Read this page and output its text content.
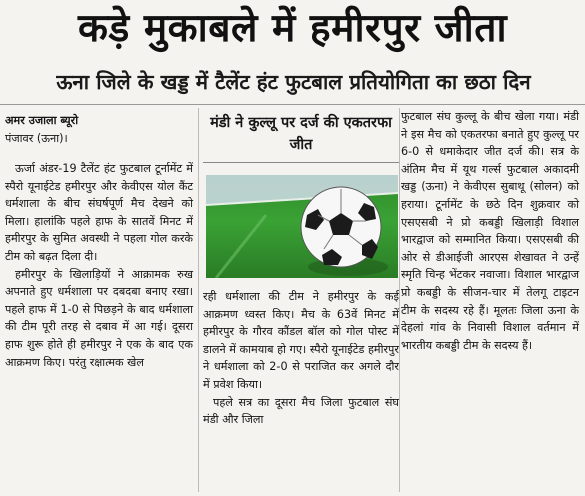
कड़े मुकाबले में हमीरपुर जीता
ऊना जिले के खड्ड में टैलेंट हंट फुटबाल प्रतियोगिता का छठा दिन
अमर उजाला ब्यूरो
पंजावर (ऊना)।

ऊर्जा अंडर-19 टैलेंट हंट फुटबाल टूर्नामेंट में स्पैरो यूनाईटेड हमीरपुर और केवीएस योल कैंट धर्मशाला के बीच संघर्षपूर्ण मैच देखने को मिला। हालांकि पहले हाफ के सातवें मिनट में हमीरपुर के सुमित अवस्थी ने पहला गोल करके टीम को बढ़त दिला दी।

हमीरपुर के खिलाड़ियों ने आक्रामक रुख अपनाते हुए धर्मशाला पर दबदबा बनाए रखा। पहले हाफ में 1-0 से पिछड़ने के बाद धर्मशाला की टीम पूरी तरह से दबाव में आ गई। दूसरा हाफ शुरू होते ही हमीरपुर ने एक के बाद एक आक्रमण किए। परंतु रक्षात्मक खेल

मंडी ने कुल्लू पर दर्ज की एकतरफा जीत

रही धर्मशाला की टीम ने हमीरपुर के कई आक्रमण ध्वस्त किए। मैच के 63वें मिनट में हमीरपुर के गौरव कौंडल बॉल को गोल पोस्ट में डालने में कामयाब हो गए। स्पैरो यूनाईटेड हमीरपुर ने धर्मशाला को 2-0 से पराजित कर अगले दौर में प्रवेश किया।

पहले सत्र का दूसरा मैच जिला फुटबाल संघ मंडी और जिला

फुटबाल संघ कुल्लू के बीच खेला गया। मंडी ने इस मैच को एकतरफा बनाते हुए कुल्लू पर 6-0 से धमाकेदार जीत दर्ज की। सत्र के अंतिम मैच में यूथ गर्ल्स फुटबाल अकादमी खड्ड (ऊना) ने केवीएस सुबाथू (सोलन) को हराया। टूर्नामेंट के छठे दिन शुक्रवार को एसएसबी ने प्रो कबड्डी खिलाड़ी विशाल भारद्वाज को सम्मानित किया। एसएसबी की ओर से डीआईजी आरएस शेखावत ने उन्हें स्मृति चिन्ह भेंटकर नवाजा। विशाल भारद्वाज प्रो कबड्डी के सीजन-चार में तेलगू टाइटन टीम के सदस्य रहे हैं। मूलतः जिला ऊना के देहलां गांव के निवासी विशाल वर्तमान में भारतीय कबड्डी टीम के सदस्य हैं।
